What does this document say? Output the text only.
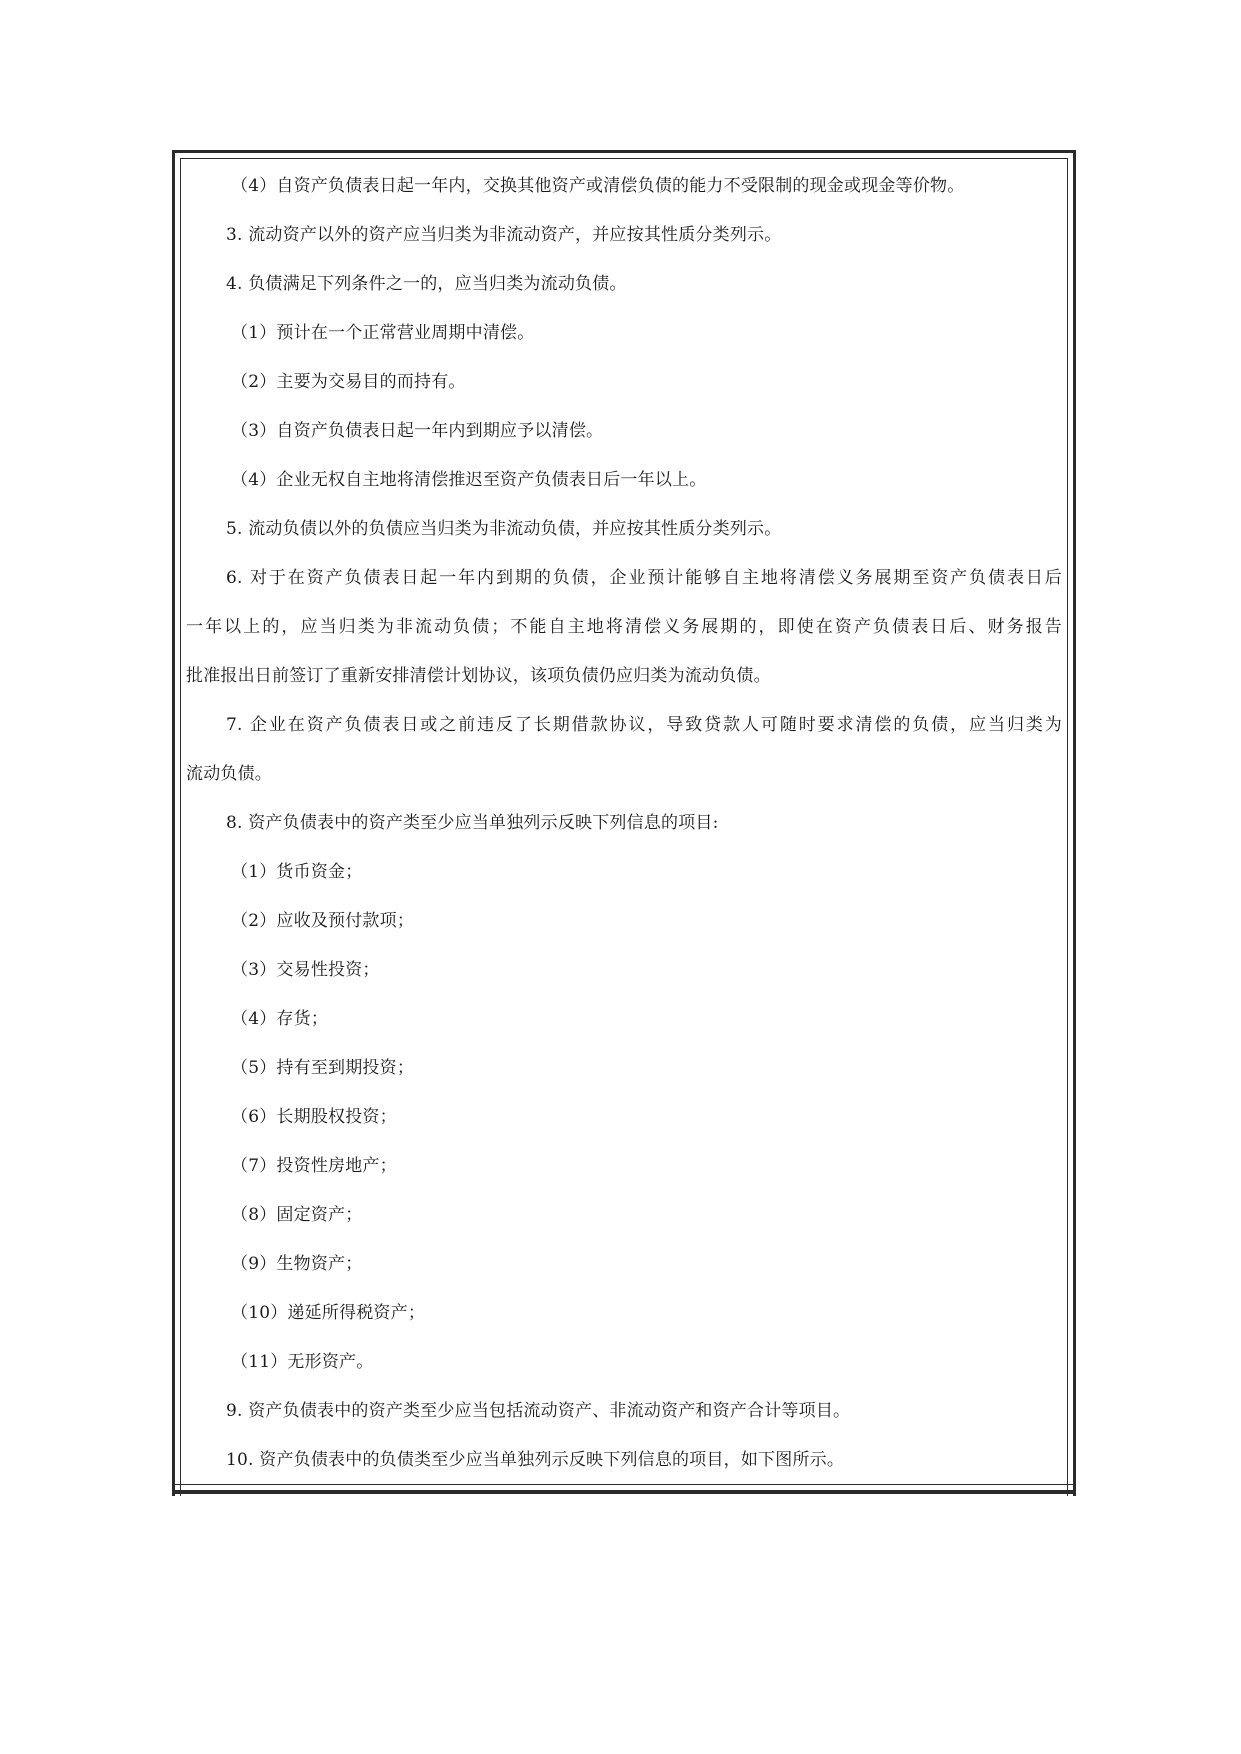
（4）自资产负债表日起一年内，交换其他资产或清偿负债的能力不受限制的现金或现金等价物。
3. 流动资产以外的资产应当归类为非流动资产，并应按其性质分类列示。
4. 负债满足下列条件之一的，应当归类为流动负债。
（1）预计在一个正常营业周期中清偿。
（2）主要为交易目的而持有。
（3）自资产负债表日起一年内到期应予以清偿。
（4）企业无权自主地将清偿推迟至资产负债表日后一年以上。
5. 流动负债以外的负债应当归类为非流动负债，并应按其性质分类列示。
6. 对于在资产负债表日起一年内到期的负债，企业预计能够自主地将清偿义务展期至资产负债表日后
一年以上的，应当归类为非流动负债；不能自主地将清偿义务展期的，即使在资产负债表日后、财务报告
批准报出日前签订了重新安排清偿计划协议，该项负债仍应归类为流动负债。
7. 企业在资产负债表日或之前违反了长期借款协议，导致贷款人可随时要求清偿的负债，应当归类为
流动负债。
8. 资产负债表中的资产类至少应当单独列示反映下列信息的项目:
（1）货币资金；
（2）应收及预付款项；
（3）交易性投资；
（4）存货；
（5）持有至到期投资；
（6）长期股权投资；
（7）投资性房地产；
（8）固定资产；
（9）生物资产；
（10）递延所得税资产；
（11）无形资产。
9. 资产负债表中的资产类至少应当包括流动资产、非流动资产和资产合计等项目。
10. 资产负债表中的负债类至少应当单独列示反映下列信息的项目，如下图所示。
